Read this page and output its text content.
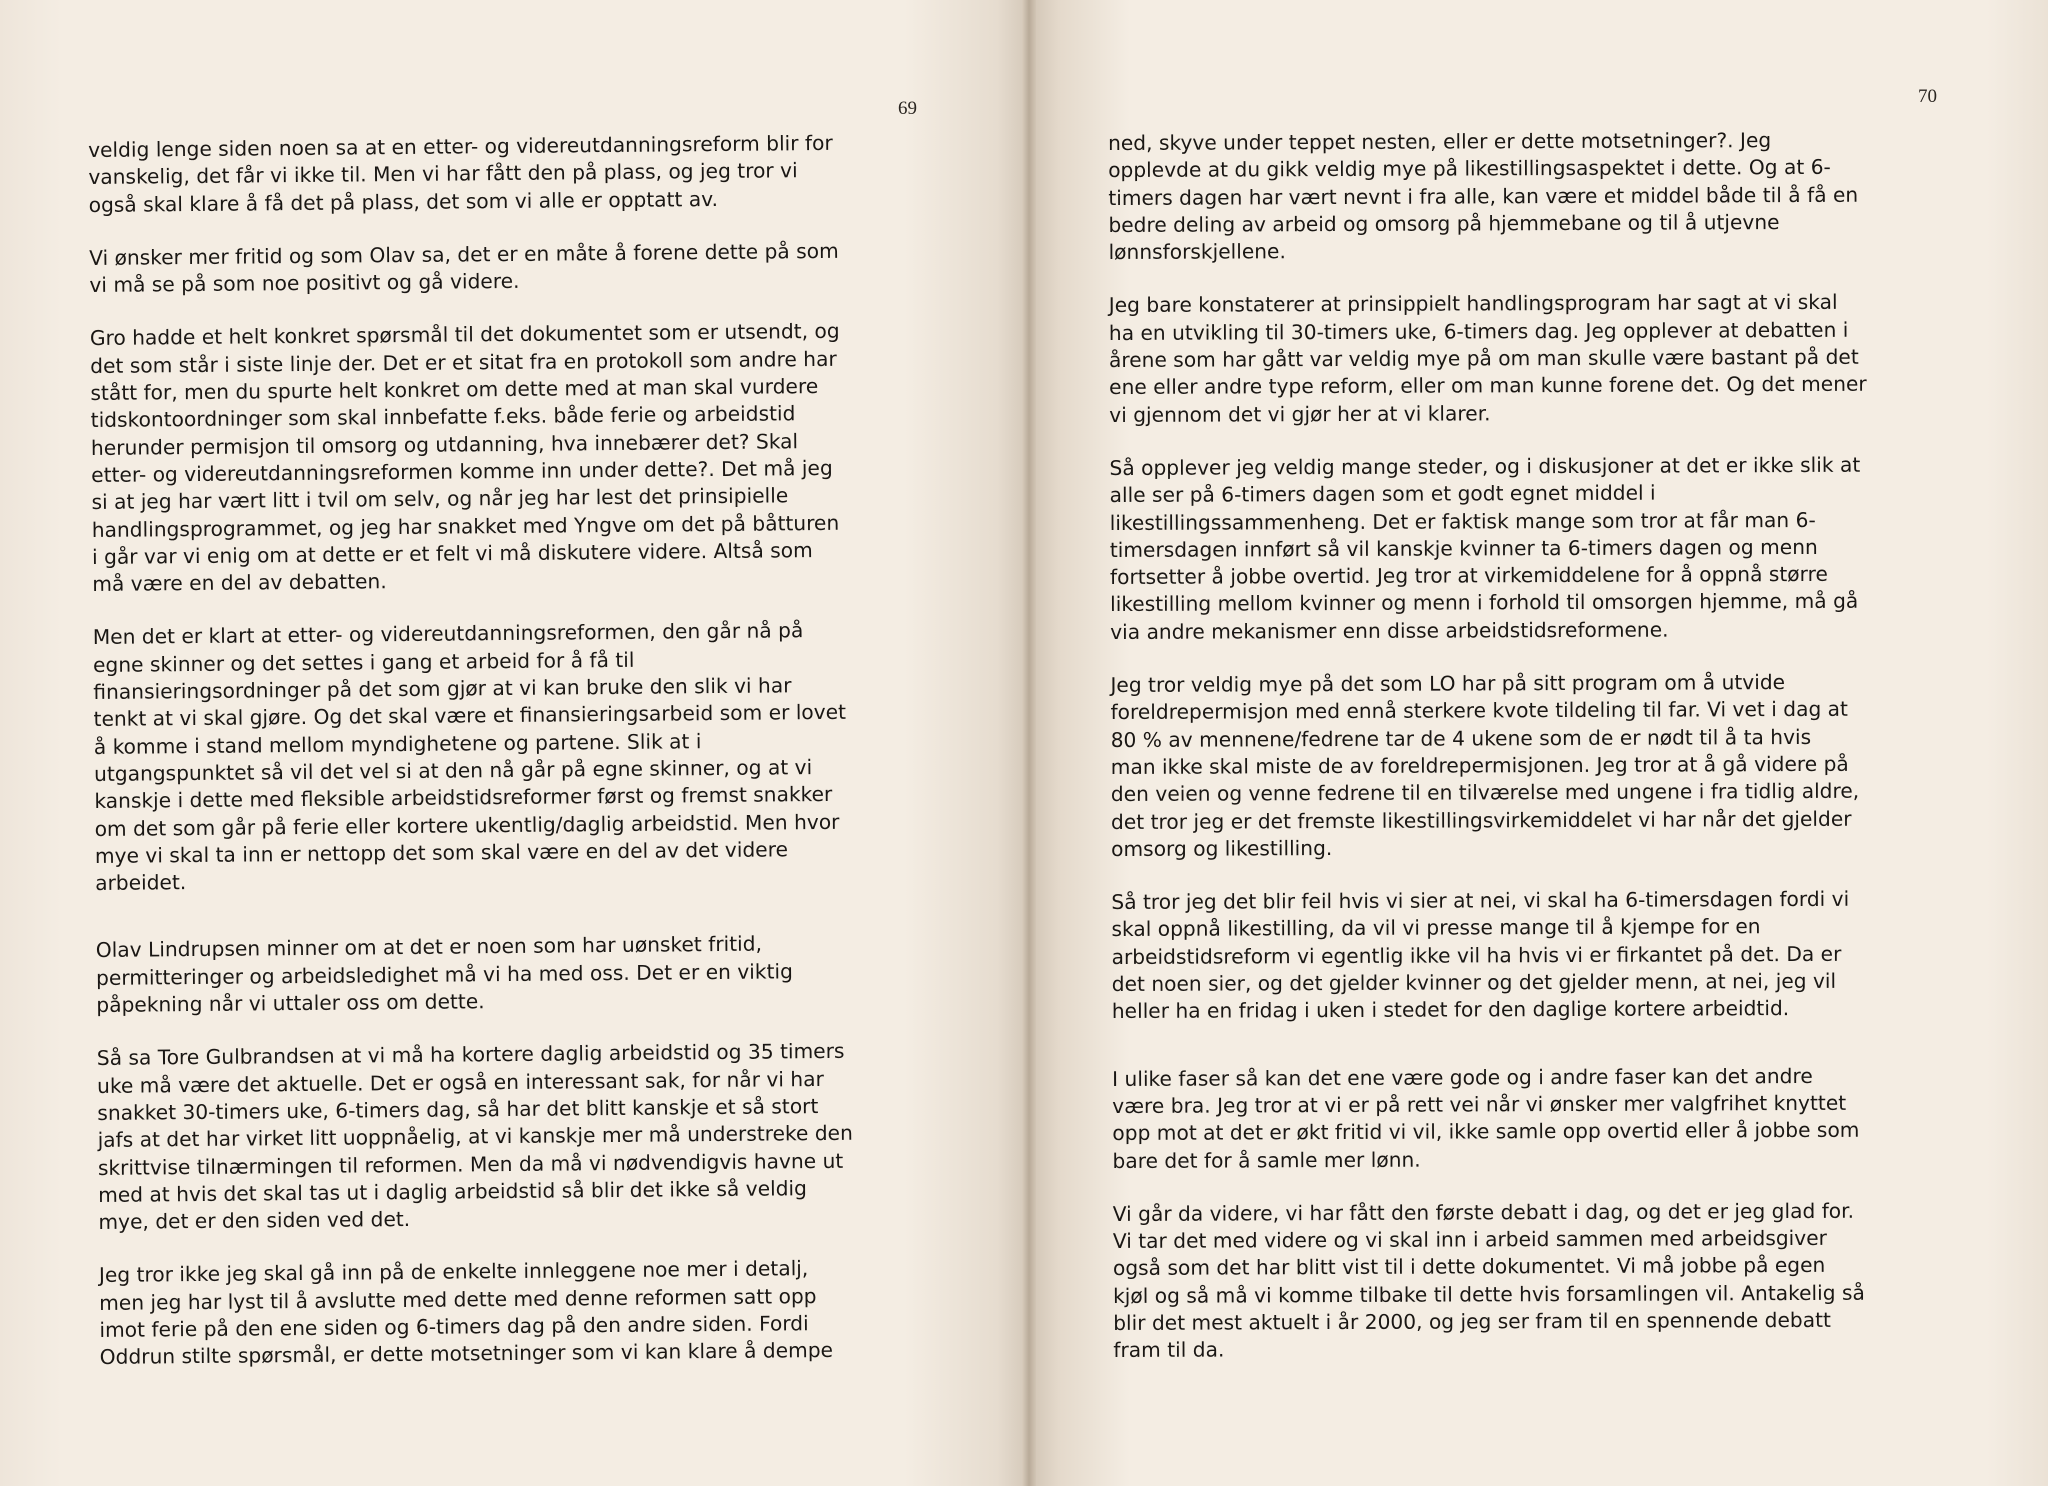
69

veldig lenge siden noen sa at en etter- og videreutdanningsreform blir for
vanskelig, det får vi ikke til. Men vi har fått den på plass, og jeg tror vi
også skal klare å få det på plass, det som vi alle er opptatt av.

Vi ønsker mer fritid og som Olav sa, det er en måte å forene dette på som
vi må se på som noe positivt og gå videre.

Gro hadde et helt konkret spørsmål til det dokumentet som er utsendt, og
det som står i siste linje der. Det er et sitat fra en protokoll som andre har
stått for, men du spurte helt konkret om dette med at man skal vurdere
tidskontoordninger som skal innbefatte f.eks. både ferie og arbeidstid
herunder permisjon til omsorg og utdanning, hva innebærer det? Skal
etter- og videreutdanningsreformen komme inn under dette?. Det må jeg
si at jeg har vært litt i tvil om selv, og når jeg har lest det prinsipielle
handlingsprogrammet, og jeg har snakket med Yngve om det på båtturen
i går var vi enig om at dette er et felt vi må diskutere videre. Altså som
må være en del av debatten.

Men det er klart at etter- og videreutdanningsreformen, den går nå på
egne skinner og det settes i gang et arbeid for å få til
finansieringsordninger på det som gjør at vi kan bruke den slik vi har
tenkt at vi skal gjøre. Og det skal være et finansieringsarbeid som er lovet
å komme i stand mellom myndighetene og partene. Slik at i
utgangspunktet så vil det vel si at den nå går på egne skinner, og at vi
kanskje i dette med fleksible arbeidstidsreformer først og fremst snakker
om det som går på ferie eller kortere ukentlig/daglig arbeidstid. Men hvor
mye vi skal ta inn er nettopp det som skal være en del av det videre
arbeidet.

Olav Lindrupsen minner om at det er noen som har uønsket fritid,
permitteringer og arbeidsledighet må vi ha med oss. Det er en viktig
påpekning når vi uttaler oss om dette.

Så sa Tore Gulbrandsen at vi må ha kortere daglig arbeidstid og 35 timers
uke må være det aktuelle. Det er også en interessant sak, for når vi har
snakket 30-timers uke, 6-timers dag, så har det blitt kanskje et så stort
jafs at det har virket litt uoppnåelig, at vi kanskje mer må understreke den
skrittvise tilnærmingen til reformen. Men da må vi nødvendigvis havne ut
med at hvis det skal tas ut i daglig arbeidstid så blir det ikke så veldig
mye, det er den siden ved det.

Jeg tror ikke jeg skal gå inn på de enkelte innleggene noe mer i detalj,
men jeg har lyst til å avslutte med dette med denne reformen satt opp
imot ferie på den ene siden og 6-timers dag på den andre siden. Fordi
Oddrun stilte spørsmål, er dette motsetninger som vi kan klare å dempe

70

ned, skyve under teppet nesten, eller er dette motsetninger?. Jeg
opplevde at du gikk veldig mye på likestillingsaspektet i dette. Og at 6-
timers dagen har vært nevnt i fra alle, kan være et middel både til å få en
bedre deling av arbeid og omsorg på hjemmebane og til å utjevne
lønnsforskjellene.

Jeg bare konstaterer at prinsippielt handlingsprogram har sagt at vi skal
ha en utvikling til 30-timers uke, 6-timers dag. Jeg opplever at debatten i
årene som har gått var veldig mye på om man skulle være bastant på det
ene eller andre type reform, eller om man kunne forene det. Og det mener
vi gjennom det vi gjør her at vi klarer.

Så opplever jeg veldig mange steder, og i diskusjoner at det er ikke slik at
alle ser på 6-timers dagen som et godt egnet middel i
likestillingssammenheng. Det er faktisk mange som tror at får man 6-
timersdagen innført så vil kanskje kvinner ta 6-timers dagen og menn
fortsetter å jobbe overtid. Jeg tror at virkemiddelene for å oppnå større
likestilling mellom kvinner og menn i forhold til omsorgen hjemme, må gå
via andre mekanismer enn disse arbeidstidsreformene.

Jeg tror veldig mye på det som LO har på sitt program om å utvide
foreldrepermisjon med ennå sterkere kvote tildeling til far. Vi vet i dag at
80 % av mennene/fedrene tar de 4 ukene som de er nødt til å ta hvis
man ikke skal miste de av foreldrepermisjonen. Jeg tror at å gå videre på
den veien og venne fedrene til en tilværelse med ungene i fra tidlig aldre,
det tror jeg er det fremste likestillingsvirkemiddelet vi har når det gjelder
omsorg og likestilling.

Så tror jeg det blir feil hvis vi sier at nei, vi skal ha 6-timersdagen fordi vi
skal oppnå likestilling, da vil vi presse mange til å kjempe for en
arbeidstidsreform vi egentlig ikke vil ha hvis vi er firkantet på det. Da er
det noen sier, og det gjelder kvinner og det gjelder menn, at nei, jeg vil
heller ha en fridag i uken i stedet for den daglige kortere arbeidtid.

I ulike faser så kan det ene være gode og i andre faser kan det andre
være bra. Jeg tror at vi er på rett vei når vi ønsker mer valgfrihet knyttet
opp mot at det er økt fritid vi vil, ikke samle opp overtid eller å jobbe som
bare det for å samle mer lønn.

Vi går da videre, vi har fått den første debatt i dag, og det er jeg glad for.
Vi tar det med videre og vi skal inn i arbeid sammen med arbeidsgiver
også som det har blitt vist til i dette dokumentet. Vi må jobbe på egen
kjøl og så må vi komme tilbake til dette hvis forsamlingen vil. Antakelig så
blir det mest aktuelt i år 2000, og jeg ser fram til en spennende debatt
fram til da.
